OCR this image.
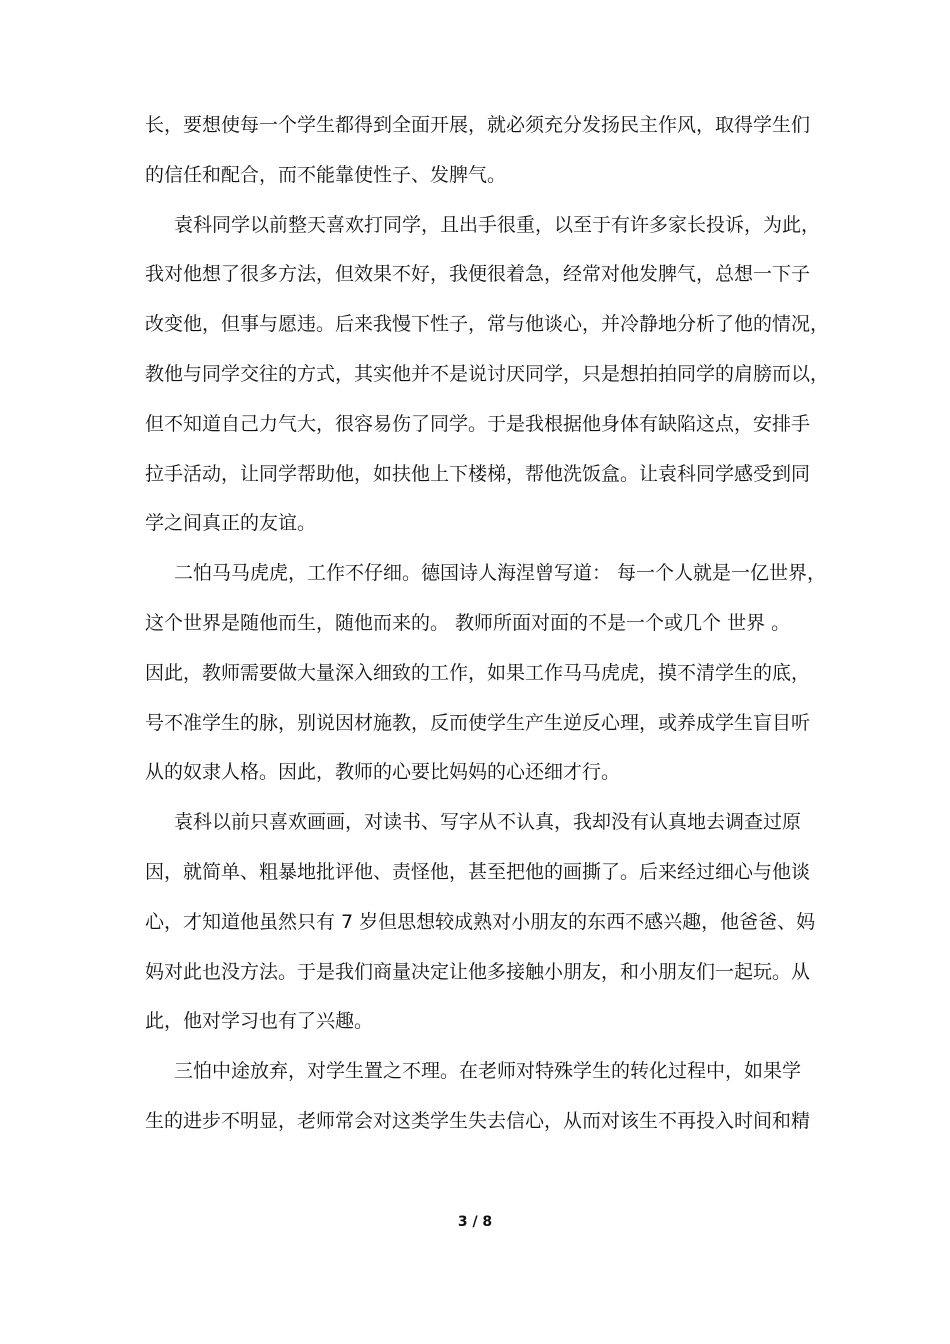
长，要想使每一个学生都得到全面开展，就必须充分发扬民主作风，取得学生们
的信任和配合，而不能靠使性子、发脾气。
袁科同学以前整天喜欢打同学，且出手很重，以至于有许多家长投诉，为此，
我对他想了很多方法，但效果不好，我便很着急，经常对他发脾气，总想一下子
改变他，但事与愿违。后来我慢下性子，常与他谈心，并冷静地分析了他的情况，
教他与同学交往的方式，其实他并不是说讨厌同学，只是想拍拍同学的肩膀而以，
但不知道自己力气大，很容易伤了同学。于是我根据他身体有缺陷这点，安排手
拉手活动，让同学帮助他，如扶他上下楼梯，帮他洗饭盒。让袁科同学感受到同
学之间真正的友谊。
二怕马马虎虎，工作不仔细。德国诗人海涅曾写道： 每一个人就是一亿世界，
这个世界是随他而生，随他而来的。 教师所面对面的不是一个或几个 世界 。
因此，教师需要做大量深入细致的工作，如果工作马马虎虎，摸不清学生的底，
号不准学生的脉，别说因材施教，反而使学生产生逆反心理，或养成学生盲目听
从的奴隶人格。因此，教师的心要比妈妈的心还细才行。
袁科以前只喜欢画画，对读书、写字从不认真，我却没有认真地去调查过原
因，就简单、粗暴地批评他、责怪他，甚至把他的画撕了。后来经过细心与他谈
心，才知道他虽然只有 7 岁但思想较成熟对小朋友的东西不感兴趣，他爸爸、妈
妈对此也没方法。于是我们商量决定让他多接触小朋友，和小朋友们一起玩。从
此，他对学习也有了兴趣。
三怕中途放弃，对学生置之不理。在老师对特殊学生的转化过程中，如果学
生的进步不明显，老师常会对这类学生失去信心，从而对该生不再投入时间和精
3 / 8
